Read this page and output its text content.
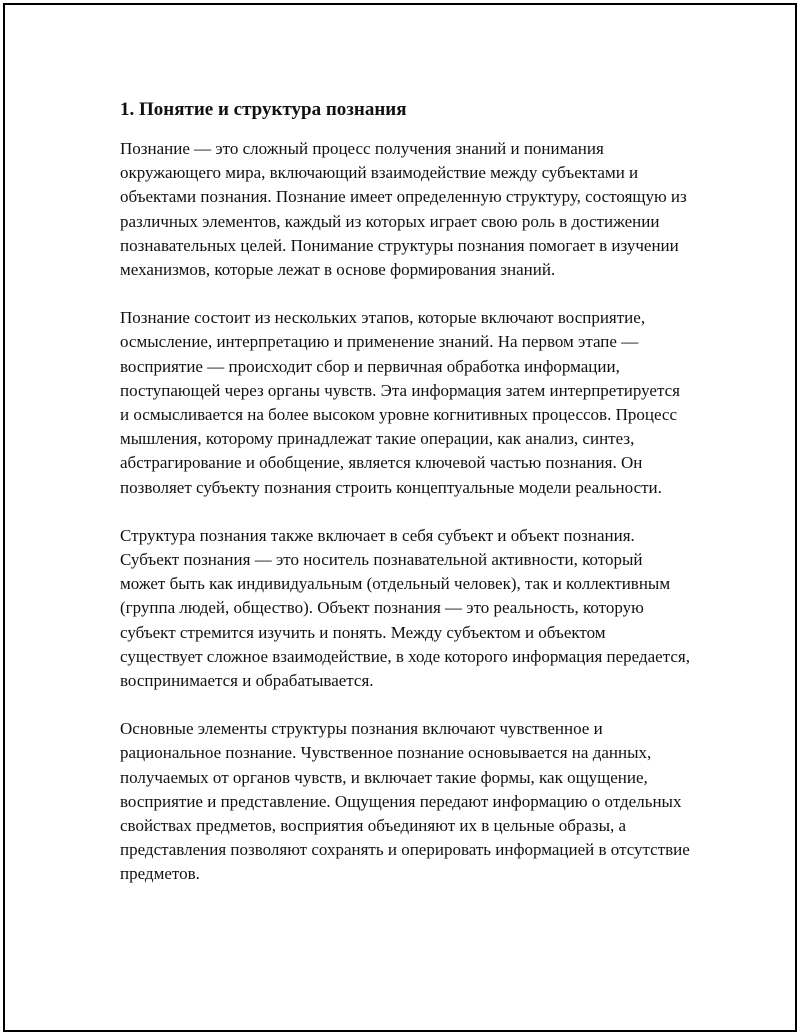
1. Понятие и структура познания

Познание — это сложный процесс получения знаний и понимания окружающего мира, включающий взаимодействие между субъектами и объектами познания. Познание имеет определенную структуру, состоящую из различных элементов, каждый из которых играет свою роль в достижении познавательных целей. Понимание структуры познания помогает в изучении механизмов, которые лежат в основе формирования знаний.

Познание состоит из нескольких этапов, которые включают восприятие, осмысление, интерпретацию и применение знаний. На первом этапе — восприятие — происходит сбор и первичная обработка информации, поступающей через органы чувств. Эта информация затем интерпретируется и осмысливается на более высоком уровне когнитивных процессов. Процесс мышления, которому принадлежат такие операции, как анализ, синтез, абстрагирование и обобщение, является ключевой частью познания. Он позволяет субъекту познания строить концептуальные модели реальности.

Структура познания также включает в себя субъект и объект познания. Субъект познания — это носитель познавательной активности, который может быть как индивидуальным (отдельный человек), так и коллективным (группа людей, общество). Объект познания — это реальность, которую субъект стремится изучить и понять. Между субъектом и объектом существует сложное взаимодействие, в ходе которого информация передается, воспринимается и обрабатывается.

Основные элементы структуры познания включают чувственное и рациональное познание. Чувственное познание основывается на данных, получаемых от органов чувств, и включает такие формы, как ощущение, восприятие и представление. Ощущения передают информацию о отдельных свойствах предметов, восприятия объединяют их в цельные образы, а представления позволяют сохранять и оперировать информацией в отсутствие предметов.
